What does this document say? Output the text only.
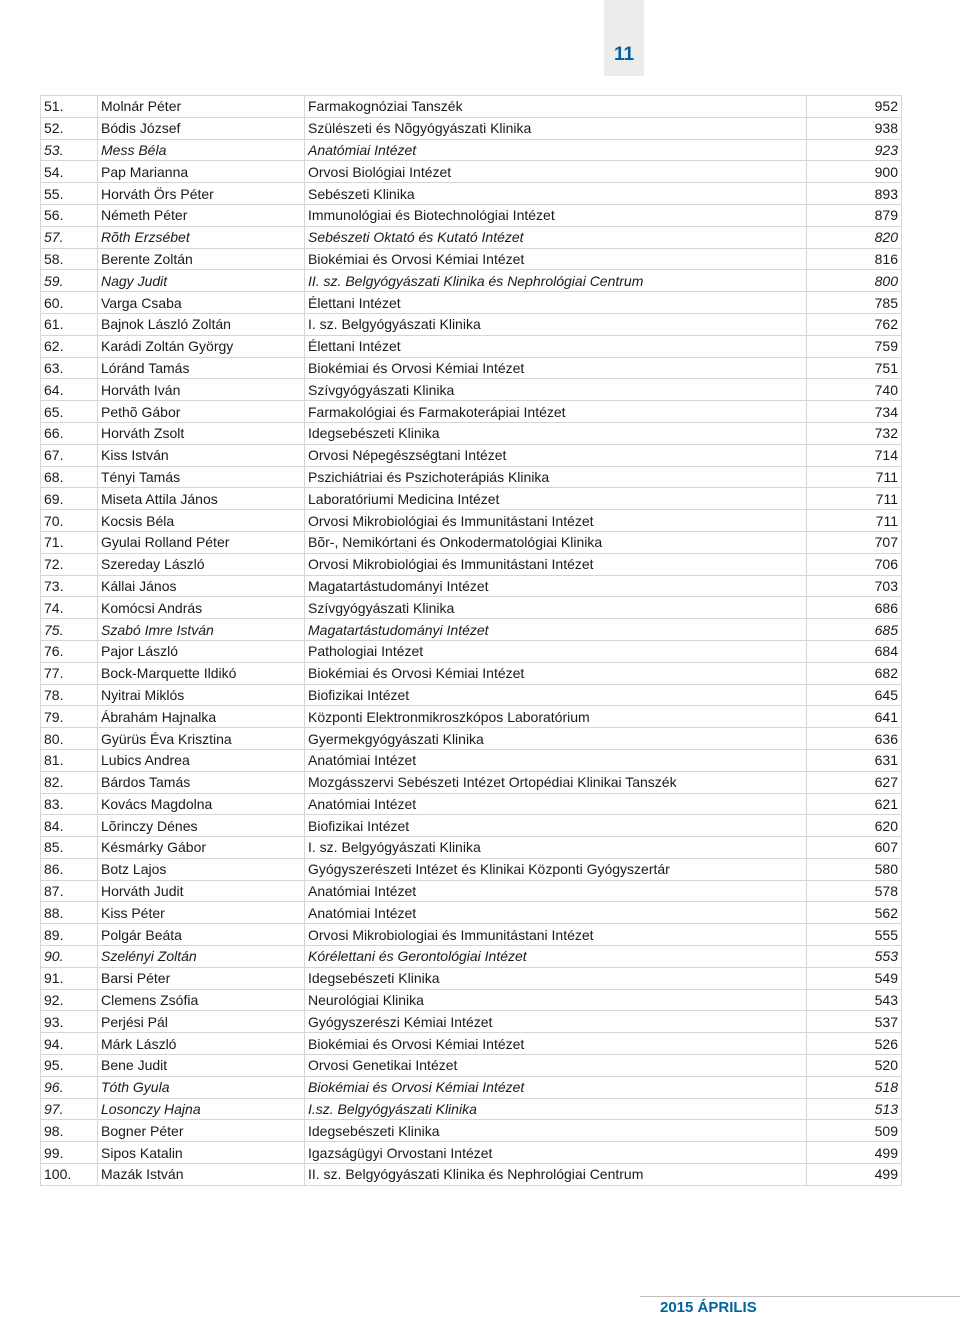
11
51.	Molnár Péter	Farmakognóziai Tanszék	952
52.	Bódis József	Szülészeti és Nõgyógyászati Klinika	938
53.	Mess Béla	Anatómiai Intézet	923
54.	Pap Marianna	Orvosi Biológiai Intézet	900
55.	Horváth Örs Péter	Sebészeti Klinika	893
56.	Németh Péter	Immunológiai és Biotechnológiai Intézet	879
57.	Rõth Erzsébet	Sebészeti Oktató és Kutató Intézet	820
58.	Berente Zoltán	Biokémiai és Orvosi Kémiai Intézet	816
59.	Nagy Judit	II. sz. Belgyógyászati Klinika és Nephrológiai Centrum	800
60.	Varga Csaba	Élettani Intézet	785
61.	Bajnok László Zoltán	I. sz. Belgyógyászati Klinika	762
62.	Karádi Zoltán György	Élettani Intézet	759
63.	Lóránd Tamás	Biokémiai és Orvosi Kémiai Intézet	751
64.	Horváth Iván	Szívgyógyászati Klinika	740
65.	Pethõ Gábor	Farmakológiai és Farmakoterápiai Intézet	734
66.	Horváth Zsolt	Idegsebészeti Klinika	732
67.	Kiss István	Orvosi Népegészségtani Intézet	714
68.	Tényi Tamás	Pszichiátriai és Pszichoterápiás Klinika	711
69.	Miseta Attila János	Laboratóriumi Medicina Intézet	711
70.	Kocsis Béla	Orvosi Mikrobiológiai és Immunitástani Intézet	711
71.	Gyulai Rolland Péter	Bõr-, Nemikórtani és Onkodermatológiai Klinika	707
72.	Szereday László	Orvosi Mikrobiológiai és Immunitástani Intézet	706
73.	Kállai János	Magatartástudományi Intézet	703
74.	Komócsi András	Szívgyógyászati Klinika	686
75.	Szabó Imre István	Magatartástudományi Intézet	685
76.	Pajor László	Pathologiai Intézet	684
77.	Bock-Marquette Ildikó	Biokémiai és Orvosi Kémiai Intézet	682
78.	Nyitrai Miklós	Biofizikai Intézet	645
79.	Ábrahám Hajnalka	Központi Elektronmikroszkópos Laboratórium	641
80.	Gyürüs Éva Krisztina	Gyermekgyógyászati Klinika	636
81.	Lubics Andrea	Anatómiai Intézet	631
82.	Bárdos Tamás	Mozgásszervi Sebészeti Intézet Ortopédiai Klinikai Tanszék	627
83.	Kovács Magdolna	Anatómiai Intézet	621
84.	Lõrinczy Dénes	Biofizikai Intézet	620
85.	Késmárky Gábor	I. sz. Belgyógyászati Klinika	607
86.	Botz Lajos	Gyógyszerészeti Intézet és Klinikai Központi Gyógyszertár	580
87.	Horváth Judit	Anatómiai Intézet	578
88.	Kiss Péter	Anatómiai Intézet	562
89.	Polgár Beáta	Orvosi Mikrobiologiai és Immunitástani Intézet	555
90.	Szelényi Zoltán	Kórélettani és Gerontológiai Intézet	553
91.	Barsi Péter	Idegsebészeti Klinika	549
92.	Clemens Zsófia	Neurológiai Klinika	543
93.	Perjési Pál	Gyógyszerészi Kémiai Intézet	537
94.	Márk László	Biokémiai és Orvosi Kémiai Intézet	526
95.	Bene Judit	Orvosi Genetikai Intézet	520
96.	Tóth Gyula	Biokémiai és Orvosi Kémiai Intézet	518
97.	Losonczy Hajna	I.sz. Belgyógyászati Klinika	513
98.	Bogner Péter	Idegsebészeti Klinika	509
99.	Sipos Katalin	Igazságügyi Orvostani Intézet	499
100.	Mazák István	II. sz. Belgyógyászati Klinika és Nephrológiai Centrum	499
2015 ÁPRILIS
